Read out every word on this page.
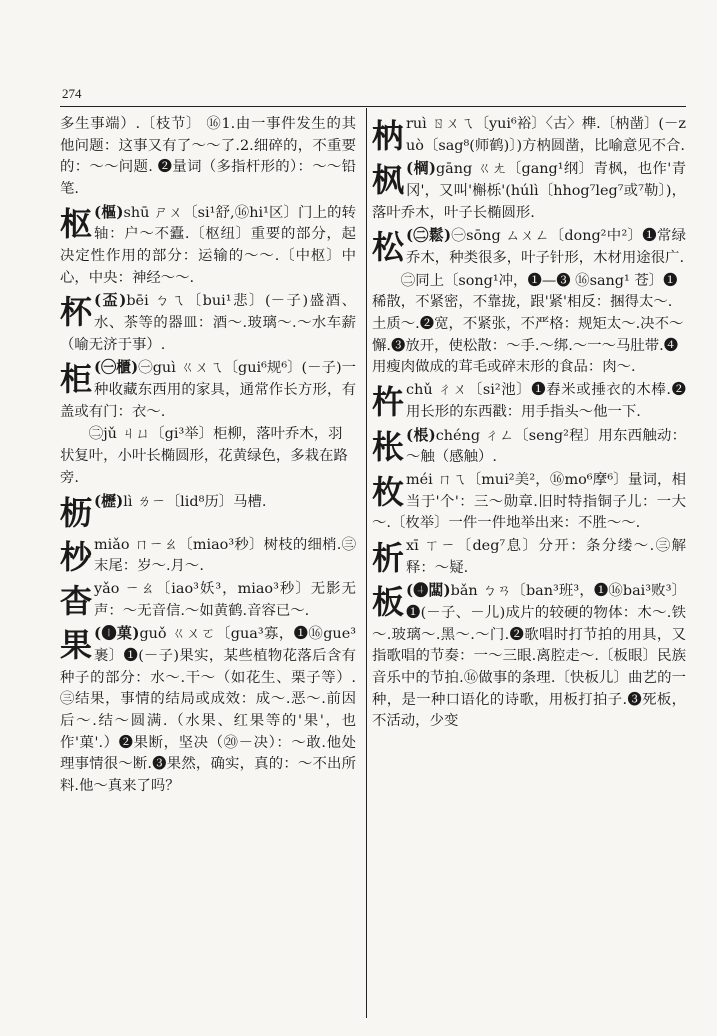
274
多生事端）.〔枝节〕 ⑯1.由一事件发生的其他问题：这事又有了～～了.2.细碎的，不重要的：～～问题. ❷量词（多指杆形的）：～～铅笔.
枢 (樞)shū ㄕㄨ〔si¹舒,⑯hi¹区〕门上的转轴：户～不蠹.〔枢纽〕重要的部分，起决定性作用的部分：运输的～～.〔中枢〕中心，中央：神经～～.
杯 (盃)bēi ㄅㄟ〔bui¹悲〕(－子)盛酒、水、茶等的器皿：酒～.玻璃～.～水车薪（喻无济于事）.
柜 (㊀櫃)㊀guì ㄍㄨㄟ〔gui⁶规⁶〕(－子)一种收藏东西用的家具，通常作长方形，有盖或有门：衣～.
㊁jǔ ㄐㄩ〔gi³举〕柜柳，落叶乔木，羽状复叶，小叶长椭圆形，花黄绿色，多栽在路旁.
枥 (櫪)lì ㄌㄧ〔lid⁸历〕马槽.
杪miǎo ㄇㄧㄠ〔miao³秒〕树枝的细梢.㊂末尾：岁～.月～.
杳yǎo ㄧㄠ〔iao³妖³，miao³秒〕无影无声：～无音信.～如黄鹤.音容已～.
果 (❶菓)guǒ ㄍㄨㄛ〔gua³寡，❶⑯gue³裹〕❶(－子)果实，某些植物花落后含有种子的部分：水～.干～（如花生、栗子等）.㊂结果，事情的结局或成效：成～.恶～.前因后～.结～圆满.（水果、红果等的'果'，也作'菓'.）❷果断，坚决（⑳－决）：～敢.他处理事情很～断.❸果然，确实，真的：～不出所料.他～真来了吗？
枘ruì ㄖㄨㄟ〔yui⁶裕〕〈古〉榫.〔枘凿〕(－zuò〔sag⁸(师鹤)〕)方枘圆凿，比喻意见不合.
枫 (棡)gāng ㄍㄤ〔gang¹纲〕青枫，也作'青冈'，又叫'槲栎'(húlì〔hhog⁷leg⁷或⁷勒〕)，落叶乔木，叶子长椭圆形.
松 (㊁鬆)㊀sōng ㄙㄨㄥ〔dong²中²〕❶常绿乔木，种类很多，叶子针形，木材用途很广.
㊁同上〔song¹冲，❶—❸ ⑯sang¹ 苍〕❶稀散，不紧密，不靠拢，跟'紧'相反：捆得太～.土质～.❷宽，不紧张，不严格：规矩太～.决不～懈.❸放开，使松散：～手.～绑.～一～马肚带.❹用瘦肉做成的茸毛或碎末形的食品：肉～.
杵chǔ ㄔㄨ〔si²池〕❶舂米或捶衣的木棒.❷用长形的东西戳：用手指头～他一下.
枨 (棖)chéng ㄔㄥ〔seng²程〕用东西触动：～触（感触）.
枚méi ㄇㄟ〔mui²美²，⑯mo⁶摩⁶〕量词，相当于'个'：三～勋章.旧时特指铜子儿：一大～.〔枚举〕一件一件地举出来：不胜～～.
析xī ㄒㄧ〔deg⁷息〕分开：条分缕～.㊂解释：～疑.
板 (❹闆)bǎn ㄅㄢ〔ban³班³，❶⑯bai³败³〕❶(－子、－儿)成片的较硬的物体：木～.铁～.玻璃～.黑～.～门.❷歌唱时打节拍的用具，又指歌唱的节奏：一～三眼.离腔走～.〔板眼〕民族音乐中的节拍.⑯做事的条理.〔快板儿〕曲艺的一种，是一种口语化的诗歌，用板打拍子.❸死板，不活动，少变
